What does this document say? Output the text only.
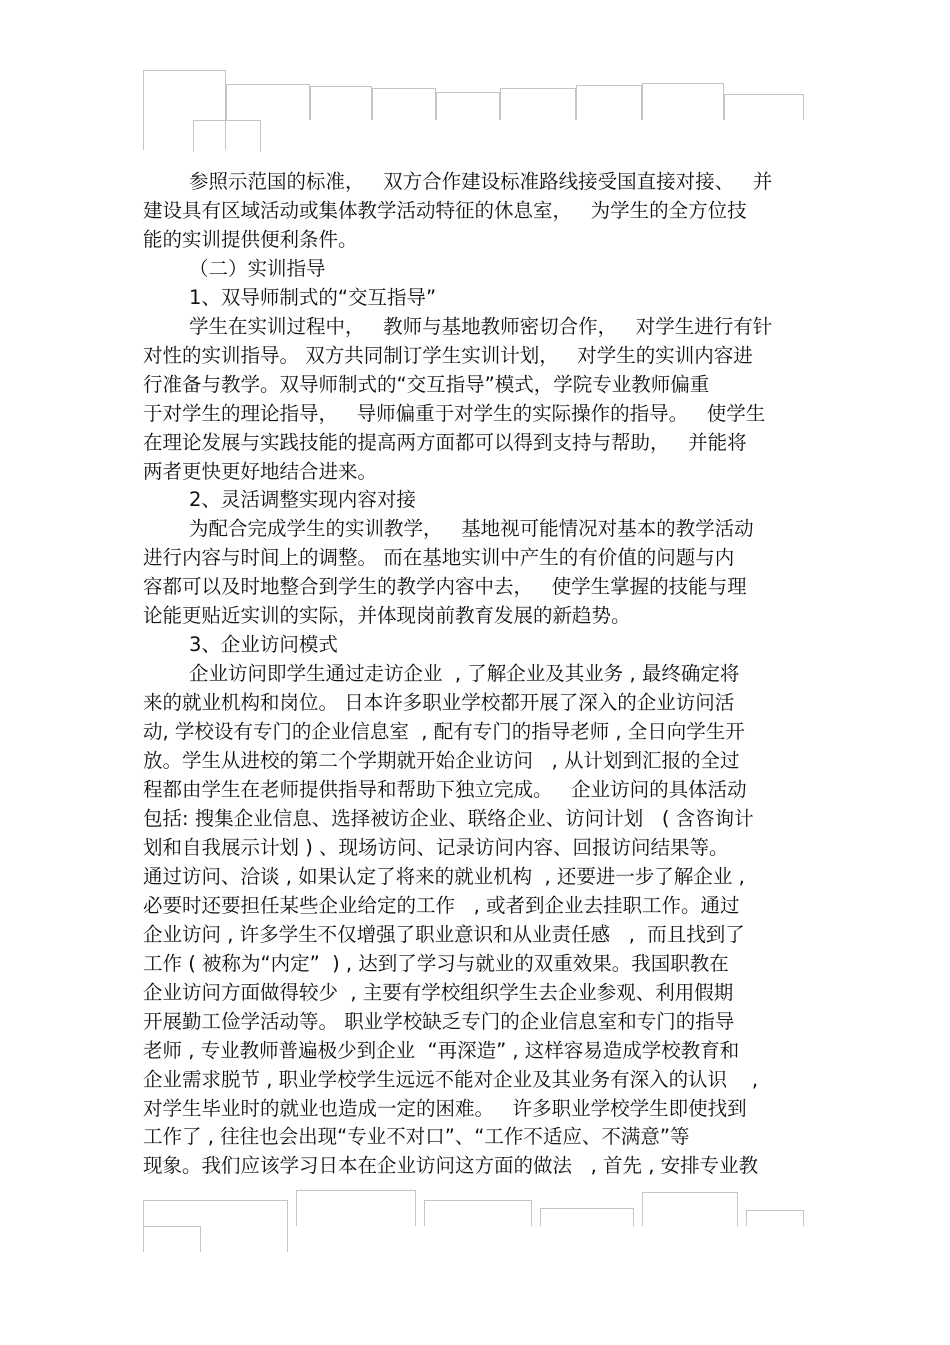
参照示范国的标准，   双方合作建设标准路线接受国直接对接、   并

建设具有区域活动或集体教学活动特征的休息室，   为学生的全方位技

能的实训提供便利条件。

（二）实训指导

1、双导师制式的“交互指导”

学生在实训过程中，   教师与基地教师密切合作，   对学生进行有针

对性的实训指导。 双方共同制订学生实训计划，   对学生的实训内容进

行准备与教学。双导师制式的“交互指导”模式，学院专业教师偏重

于对学生的理论指导，   导师偏重于对学生的实际操作的指导。   使学生

在理论发展与实践技能的提高两方面都可以得到支持与帮助，   并能将

两者更快更好地结合进来。

2、灵活调整实现内容对接

为配合完成学生的实训教学，   基地视可能情况对基本的教学活动

进行内容与时间上的调整。 而在基地实训中产生的有价值的问题与内

容都可以及时地整合到学生的教学内容中去，   使学生掌握的技能与理

论能更贴近实训的实际，并体现岗前教育发展的新趋势。

3、企业访问模式

企业访问即学生通过走访企业  , 了解企业及其业务 , 最终确定将

来的就业机构和岗位。 日本许多职业学校都开展了深入的企业访问活

动, 学校设有专门的企业信息室  , 配有专门的指导老师 , 全日向学生开

放。学生从进校的第二个学期就开始企业访问   , 从计划到汇报的全过

程都由学生在老师提供指导和帮助下独立完成。   企业访问的具体活动

包括: 搜集企业信息、选择被访企业、联络企业、访问计划   ( 含咨询计

划和自我展示计划 ) 、现场访问、记录访问内容、回报访问结果等。

通过访问、洽谈 , 如果认定了将来的就业机构  , 还要进一步了解企业 ,

必要时还要担任某些企业给定的工作   , 或者到企业去挂职工作。通过

企业访问 , 许多学生不仅增强了职业意识和从业责任感   ,  而且找到了

工作 ( 被称为“内定”  ) , 达到了学习与就业的双重效果。我国职教在

企业访问方面做得较少  , 主要有学校组织学生去企业参观、利用假期

开展勤工俭学活动等。 职业学校缺乏专门的企业信息室和专门的指导

老师 , 专业教师普遍极少到企业  “再深造” , 这样容易造成学校教育和

企业需求脱节 , 职业学校学生远远不能对企业及其业务有深入的认识    ,

对学生毕业时的就业也造成一定的困难。   许多职业学校学生即使找到

工作了 , 往往也会出现“专业不对口”、“工作不适应、不满意”等

现象。我们应该学习日本在企业访问这方面的做法   , 首先 , 安排专业教
